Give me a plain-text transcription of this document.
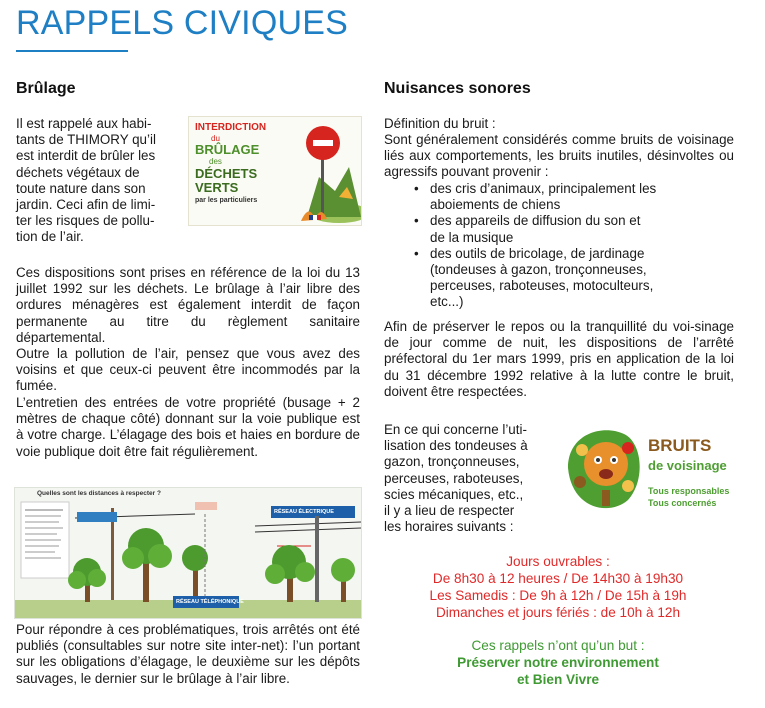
RAPPELS CIVIQUES
Brûlage
Il est rappelé aux habi-
tants de THIMORY qu’il
est interdit de brûler les
déchets végétaux de
toute nature dans son
jardin. Ceci afin de limi-
ter les risques de pollu-
tion de l’air.
INTERDICTION
du
BRÛLAGE
des
DÉCHETS
VERTS
par les particuliers

Ces dispositions sont prises en référence de la loi du 13 juillet 1992 sur les déchets. Le brûlage à l’air libre des ordures ménagères est également interdit de façon permanente au titre du règlement sanitaire départemental.

Outre la pollution de l’air, pensez que vous avez des voisins et que ceux-ci peuvent être incommodés par la fumée.

L’entretien des entrées de votre propriété (busage + 2 mètres de chaque côté) donnant sur la voie publique est à votre charge. L’élagage des bois et haies en bordure de voie publique doit être fait régulièrement.

Quelles sont les distances à respecter ?
RÉSEAU ÉLECTRIQUE
RÉSEAU TÉLÉPHONIQUE

Pour répondre à ces problématiques, trois arrêtés ont été publiés (consultables sur notre site inter-net): l’un portant sur les obligations d’élagage, le deuxième sur les dépôts sauvages, le dernier sur le brûlage à l’air libre.

Nuisances sonores

Définition du bruit :

Sont généralement considérés comme bruits de voisinage liés aux comportements, les bruits inutiles, désinvoltes ou agressifs pouvant provenir :

• des cris d’animaux, principalement les
aboiements de chiens
• des appareils de diffusion du son et
de la musique
• des outils de bricolage, de jardinage
(tondeuses à gazon, tronçonneuses,
perceuses, raboteuses, motoculteurs,
etc...)

Afin de préserver le repos ou la tranquillité du voi-sinage de jour comme de nuit, les dispositions de l’arrêté préfectoral du 1er mars 1999, pris en application de la loi du 31 décembre 1992 relative à la lutte contre le bruit, doivent être respectées.

En ce qui concerne l’uti-
lisation des tondeuses à
gazon, tronçonneuses,
perceuses, raboteuses,
scies mécaniques, etc.,
il y a lieu de respecter
les horaires suivants :
BRUITS
de voisinage
Tous responsables
Tous concernés

Jours ouvrables :

De 8h30 à 12 heures / De 14h30 à 19h30

Les Samedis : De 9h à 12h / De 15h à 19h

Dimanches et jours fériés : de 10h à 12h

Ces rappels n’ont qu’un but :

Préserver notre environnement

et Bien Vivre
